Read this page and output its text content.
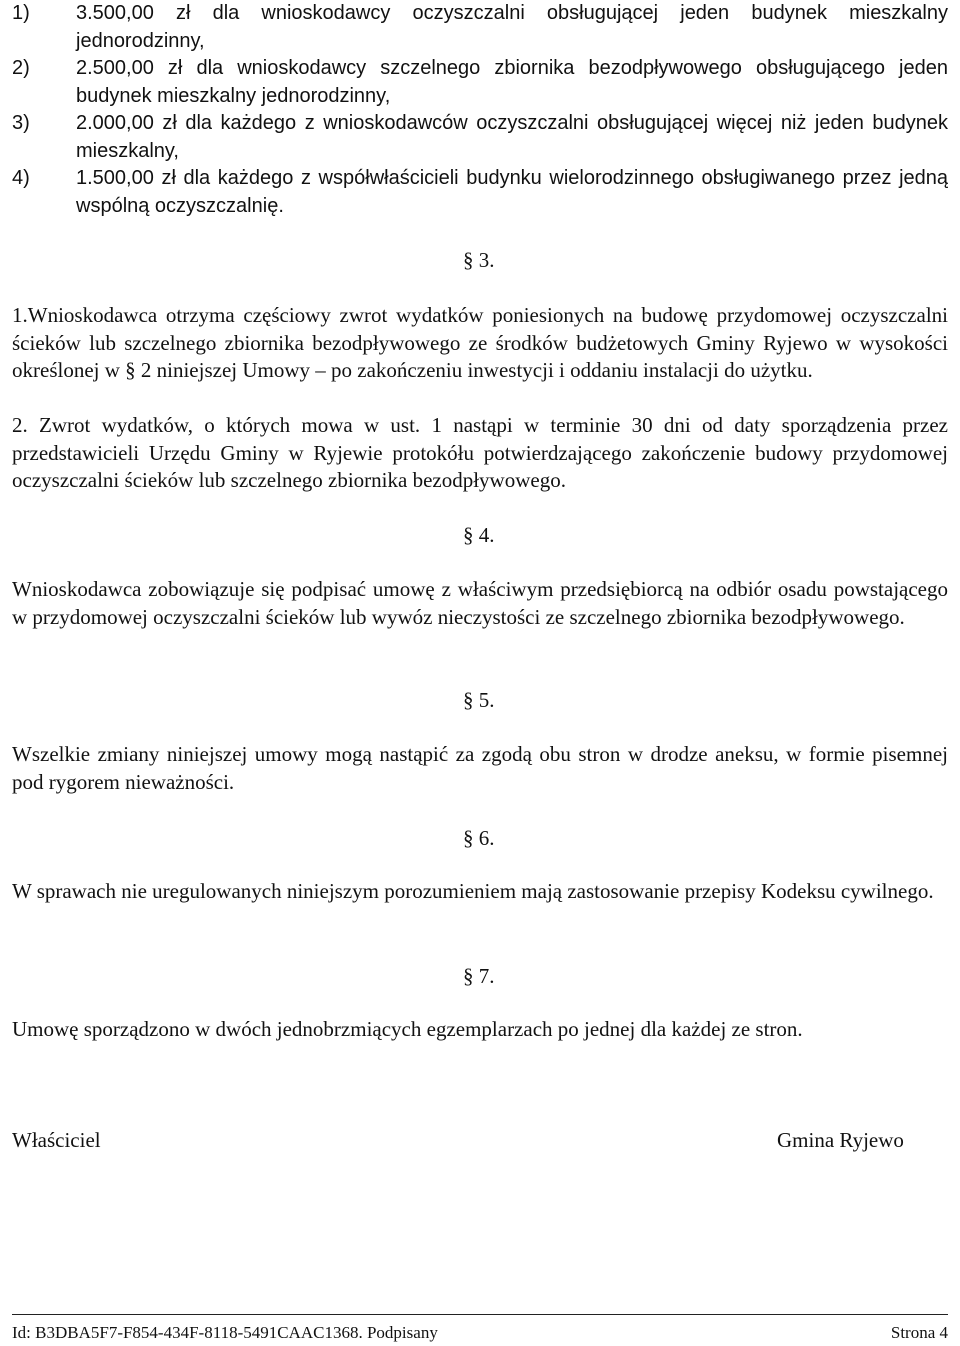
1) 3.500,00 zł dla wnioskodawcy oczyszczalni obsługującej jeden budynek mieszkalny jednorodzinny,
2) 2.500,00 zł dla wnioskodawcy szczelnego zbiornika bezodpływowego obsługującego jeden budynek mieszkalny jednorodzinny,
3) 2.000,00 zł dla każdego z wnioskodawców oczyszczalni obsługującej więcej niż jeden budynek mieszkalny,
4) 1.500,00 zł dla każdego z współwłaścicieli budynku wielorodzinnego obsługiwanego przez jedną wspólną oczyszczalnię.
§ 3.
1.Wnioskodawca otrzyma częściowy zwrot wydatków poniesionych na budowę przydomowej oczyszczalni ścieków lub szczelnego zbiornika bezodpływowego ze środków budżetowych Gminy Ryjewo w wysokości określonej w § 2 niniejszej Umowy – po zakończeniu inwestycji i oddaniu instalacji do użytku.
2. Zwrot wydatków, o których mowa w ust. 1 nastąpi w terminie 30 dni od daty sporządzenia przez przedstawicieli Urzędu Gminy w Ryjewie protokółu potwierdzającego zakończenie budowy przydomowej oczyszczalni ścieków lub szczelnego zbiornika bezodpływowego.
§ 4.
Wnioskodawca zobowiązuje się podpisać umowę z właściwym przedsiębiorcą na odbiór osadu powstającego w przydomowej oczyszczalni ścieków lub wywóz nieczystości ze szczelnego zbiornika bezodpływowego.
§ 5.
Wszelkie zmiany niniejszej umowy mogą nastąpić za zgodą obu stron w drodze aneksu, w formie pisemnej pod rygorem nieważności.
§ 6.
W sprawach nie uregulowanych niniejszym porozumieniem mają zastosowanie przepisy Kodeksu cywilnego.
§ 7.
Umowę sporządzono w dwóch jednobrzmiących egzemplarzach po jednej dla każdej ze stron.
Właściciel	Gmina Ryjewo
Id: B3DBA5F7-F854-434F-8118-5491CAAC1368. Podpisany	Strona 4
